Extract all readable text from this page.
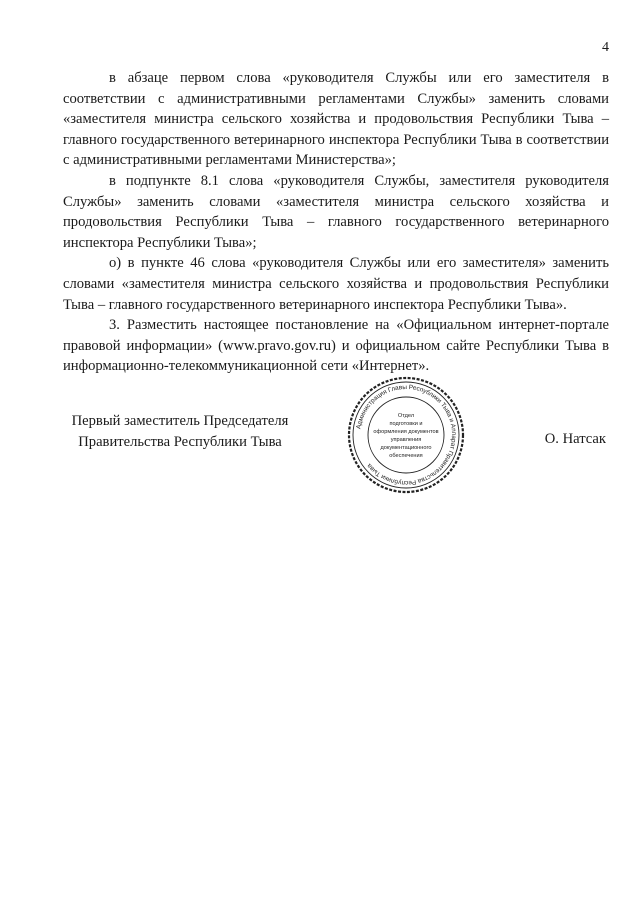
4

в абзаце первом слова «руководителя Службы или его заместителя в соответствии с административными регламентами Службы» заменить словами «заместителя министра сельского хозяйства и продовольствия Республики Тыва – главного государственного ветеринарного инспектора Республики Тыва в соответствии с административными регламентами Министерства»;

в подпункте 8.1 слова «руководителя Службы, заместителя руководителя Службы» заменить словами «заместителя министра сельского хозяйства и продовольствия Республики Тыва – главного государственного ветеринарного инспектора Республики Тыва»;

о) в пункте 46 слова «руководителя Службы или его заместителя» заменить словами «заместителя министра сельского хозяйства и продовольствия Республики Тыва – главного государственного ветеринарного инспектора Республики Тыва».

3. Разместить настоящее постановление на «Официальном интернет-портале правовой информации» (www.pravo.gov.ru) и официальном сайте Республики Тыва в информационно-телекоммуникационной сети «Интернет».

Первый заместитель Председателя
Правительства Республики Тыва
Администрация Главы Республики Тыва и Аппарат Правительства Республики Тыва
Отдел
подготовки и
оформления документов
управления
документационного
обеспечения
О. Натсак
